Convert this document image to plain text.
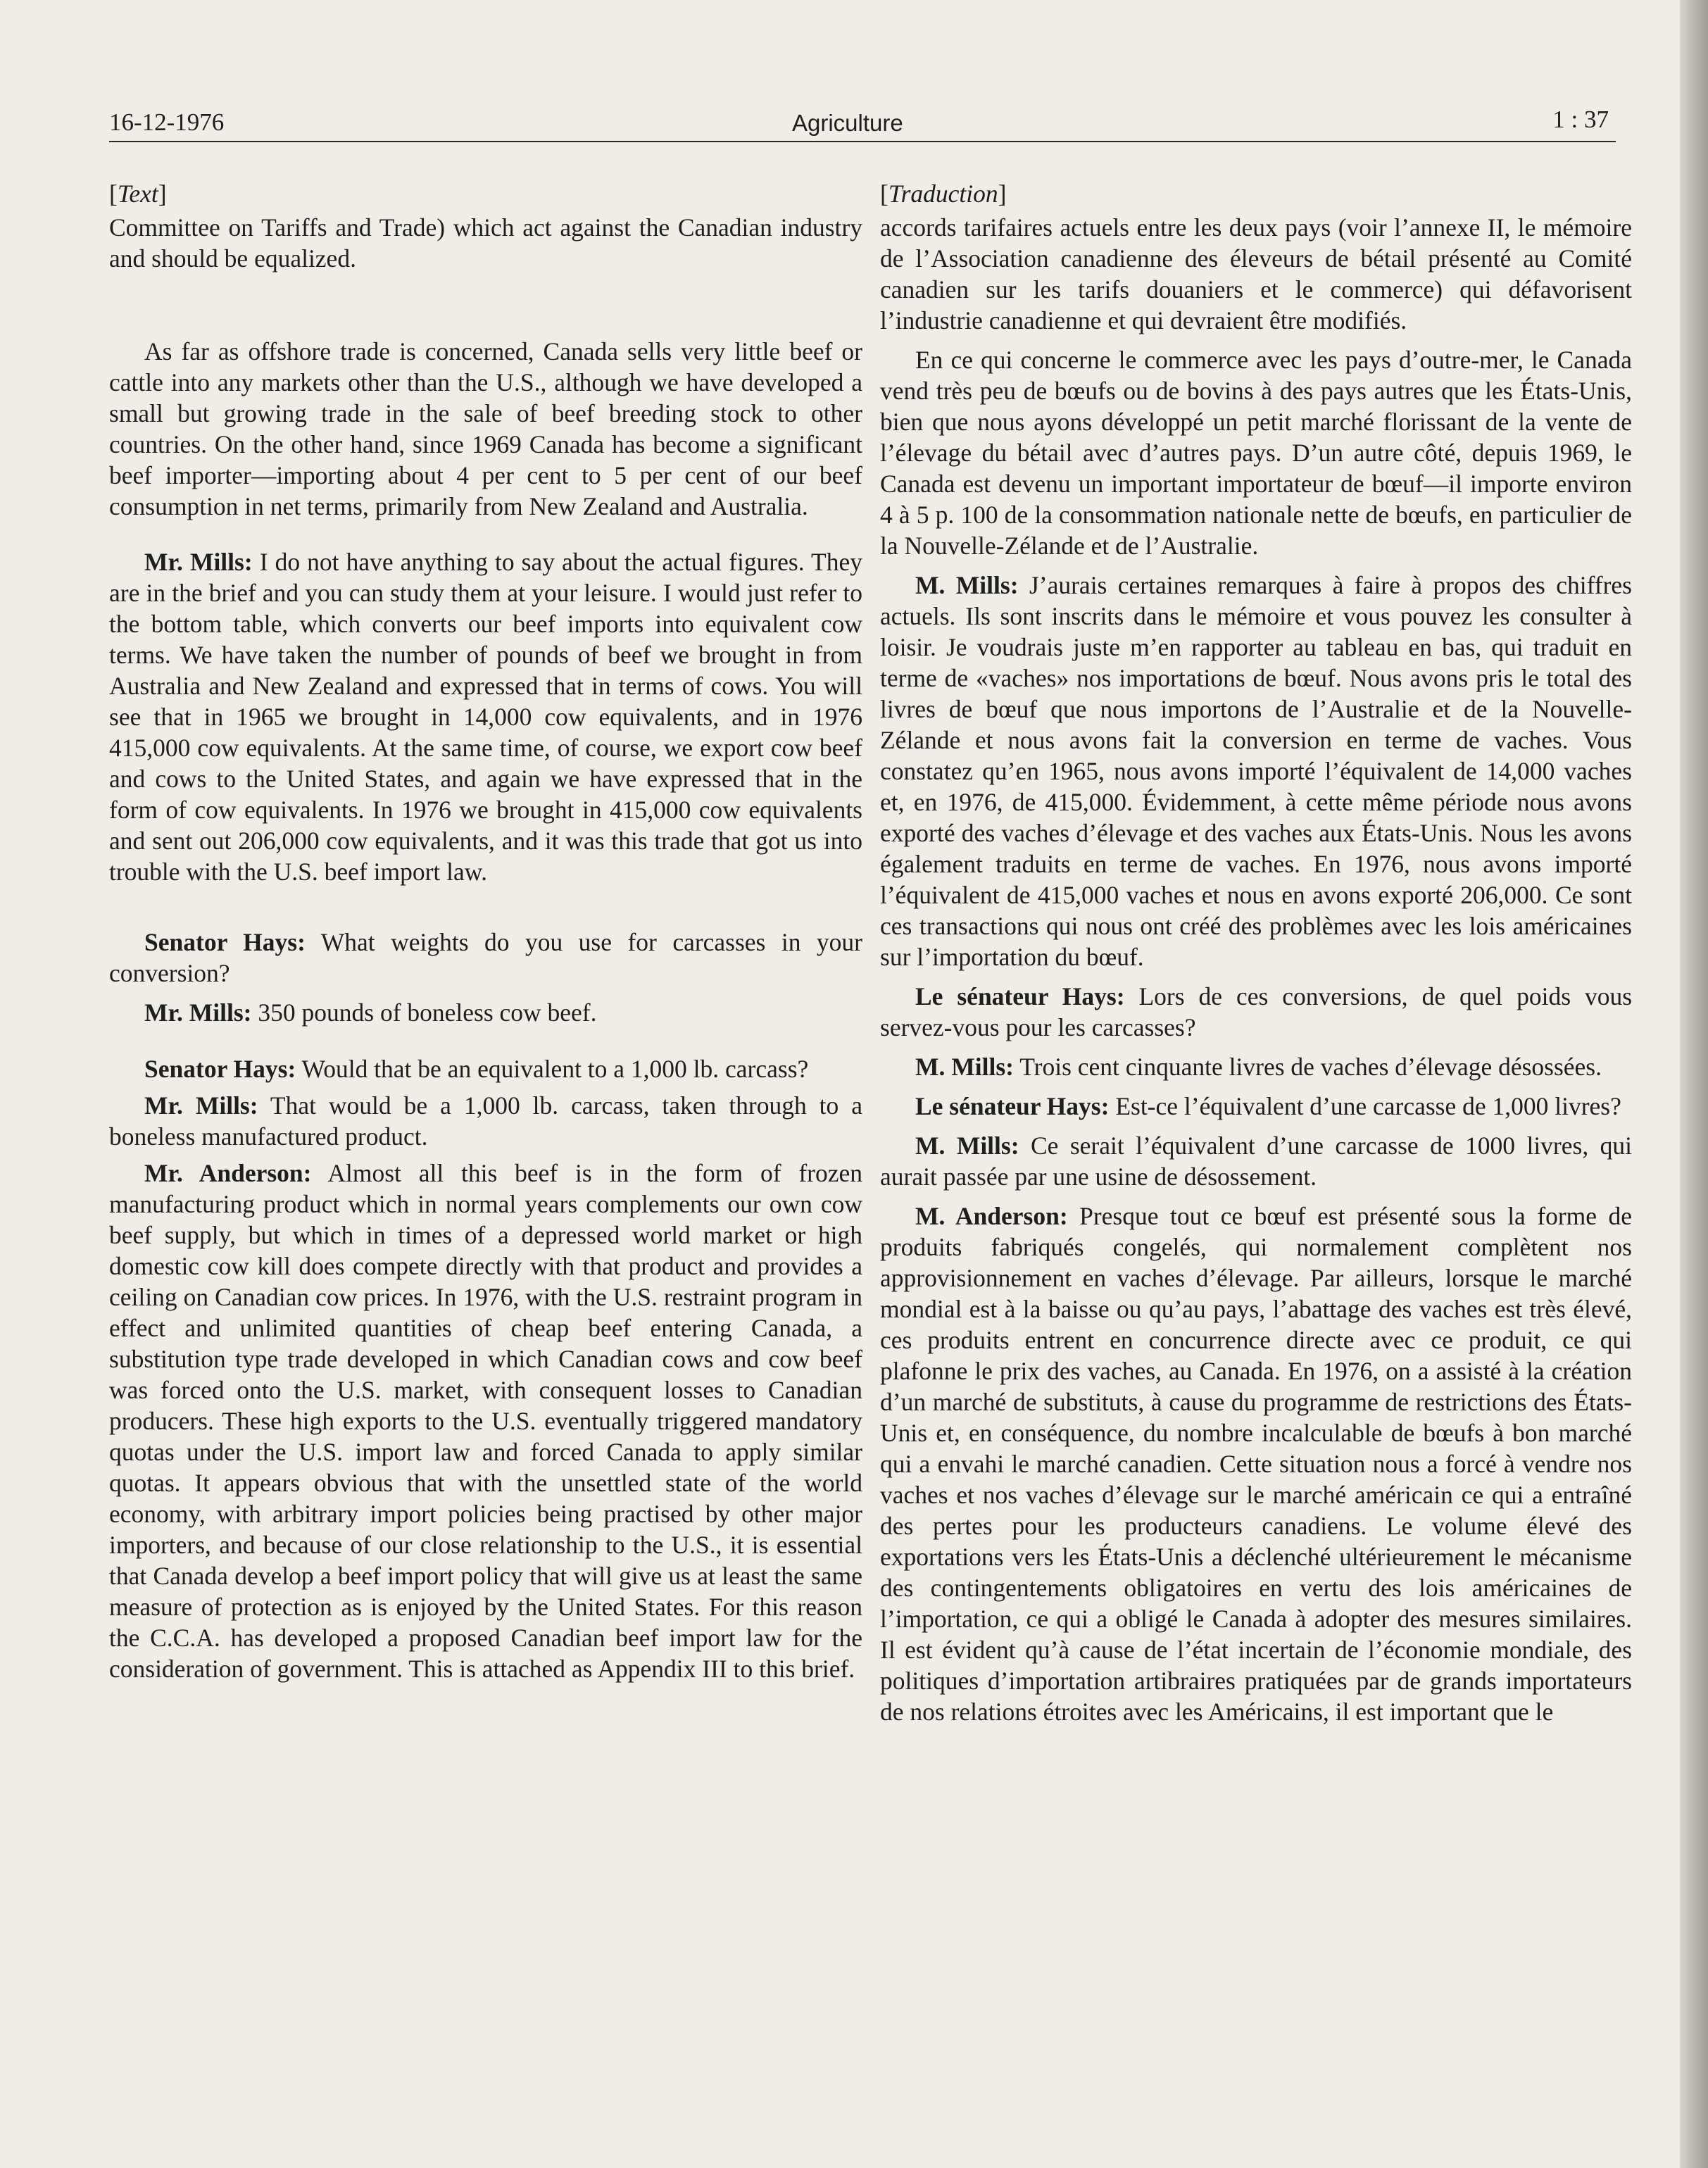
16-12-1976	Agriculture	1 : 37

[Text]

Committee on Tariffs and Trade) which act against the Canadian industry and should be equalized.

As far as offshore trade is concerned, Canada sells very little beef or cattle into any markets other than the U.S., although we have developed a small but growing trade in the sale of beef breeding stock to other countries. On the other hand, since 1969 Canada has become a significant beef importer—importing about 4 per cent to 5 per cent of our beef consumption in net terms, primarily from New Zealand and Australia.

Mr. Mills: I do not have anything to say about the actual figures. They are in the brief and you can study them at your leisure. I would just refer to the bottom table, which converts our beef imports into equivalent cow terms. We have taken the number of pounds of beef we brought in from Australia and New Zealand and expressed that in terms of cows. You will see that in 1965 we brought in 14,000 cow equivalents, and in 1976 415,000 cow equivalents. At the same time, of course, we export cow beef and cows to the United States, and again we have expressed that in the form of cow equivalents. In 1976 we brought in 415,000 cow equivalents and sent out 206,000 cow equivalents, and it was this trade that got us into trouble with the U.S. beef import law.

Senator Hays: What weights do you use for carcasses in your conversion?

Mr. Mills: 350 pounds of boneless cow beef.

Senator Hays: Would that be an equivalent to a 1,000 lb. carcass?

Mr. Mills: That would be a 1,000 lb. carcass, taken through to a boneless manufactured product.

Mr. Anderson: Almost all this beef is in the form of frozen manufacturing product which in normal years complements our own cow beef supply, but which in times of a depressed world market or high domestic cow kill does compete directly with that product and provides a ceiling on Canadian cow prices. In 1976, with the U.S. restraint program in effect and unlimited quantities of cheap beef entering Canada, a substitution type trade developed in which Canadian cows and cow beef was forced onto the U.S. market, with consequent losses to Canadian producers. These high exports to the U.S. eventually triggered mandatory quotas under the U.S. import law and forced Canada to apply similar quotas. It appears obvious that with the unsettled state of the world economy, with arbitrary import policies being practised by other major importers, and because of our close relationship to the U.S., it is essential that Canada develop a beef import policy that will give us at least the same measure of protection as is enjoyed by the United States. For this reason the C.C.A. has developed a proposed Canadian beef import law for the consideration of government. This is attached as Appendix III to this brief.

[Traduction]

accords tarifaires actuels entre les deux pays (voir l’annexe II, le mémoire de l’Association canadienne des éleveurs de bétail présenté au Comité canadien sur les tarifs douaniers et le commerce) qui défavorisent l’industrie canadienne et qui devraient être modifiés.

En ce qui concerne le commerce avec les pays d’outre-mer, le Canada vend très peu de bœufs ou de bovins à des pays autres que les États-Unis, bien que nous ayons développé un petit marché florissant de la vente de l’élevage du bétail avec d’autres pays. D’un autre côté, depuis 1969, le Canada est devenu un important importateur de bœuf—il importe environ 4 à 5 p. 100 de la consommation nationale nette de bœufs, en particulier de la Nouvelle-Zélande et de l’Australie.

M. Mills: J’aurais certaines remarques à faire à propos des chiffres actuels. Ils sont inscrits dans le mémoire et vous pouvez les consulter à loisir. Je voudrais juste m’en rapporter au tableau en bas, qui traduit en terme de «vaches» nos importations de bœuf. Nous avons pris le total des livres de bœuf que nous importons de l’Australie et de la Nouvelle-Zélande et nous avons fait la conversion en terme de vaches. Vous constatez qu’en 1965, nous avons importé l’équivalent de 14,000 vaches et, en 1976, de 415,000. Évidemment, à cette même période nous avons exporté des vaches d’élevage et des vaches aux États-Unis. Nous les avons également traduits en terme de vaches. En 1976, nous avons importé l’équivalent de 415,000 vaches et nous en avons exporté 206,000. Ce sont ces transactions qui nous ont créé des problèmes avec les lois américaines sur l’importation du bœuf.

Le sénateur Hays: Lors de ces conversions, de quel poids vous servez-vous pour les carcasses?

M. Mills: Trois cent cinquante livres de vaches d’élevage désossées.

Le sénateur Hays: Est-ce l’équivalent d’une carcasse de 1,000 livres?

M. Mills: Ce serait l’équivalent d’une carcasse de 1000 livres, qui aurait passée par une usine de désossement.

M. Anderson: Presque tout ce bœuf est présenté sous la forme de produits fabriqués congelés, qui normalement complètent nos approvisionnement en vaches d’élevage. Par ailleurs, lorsque le marché mondial est à la baisse ou qu’au pays, l’abattage des vaches est très élevé, ces produits entrent en concurrence directe avec ce produit, ce qui plafonne le prix des vaches, au Canada. En 1976, on a assisté à la création d’un marché de substituts, à cause du programme de restrictions des États-Unis et, en conséquence, du nombre incalculable de bœufs à bon marché qui a envahi le marché canadien. Cette situation nous a forcé à vendre nos vaches et nos vaches d’élevage sur le marché américain ce qui a entraîné des pertes pour les producteurs canadiens. Le volume élevé des exportations vers les États-Unis a déclenché ultérieurement le mécanisme des contingentements obligatoires en vertu des lois américaines de l’importation, ce qui a obligé le Canada à adopter des mesures similaires. Il est évident qu’à cause de l’état incertain de l’économie mondiale, des politiques d’importation artibraires pratiquées par de grands importateurs de nos relations étroites avec les Américains, il est important que le
